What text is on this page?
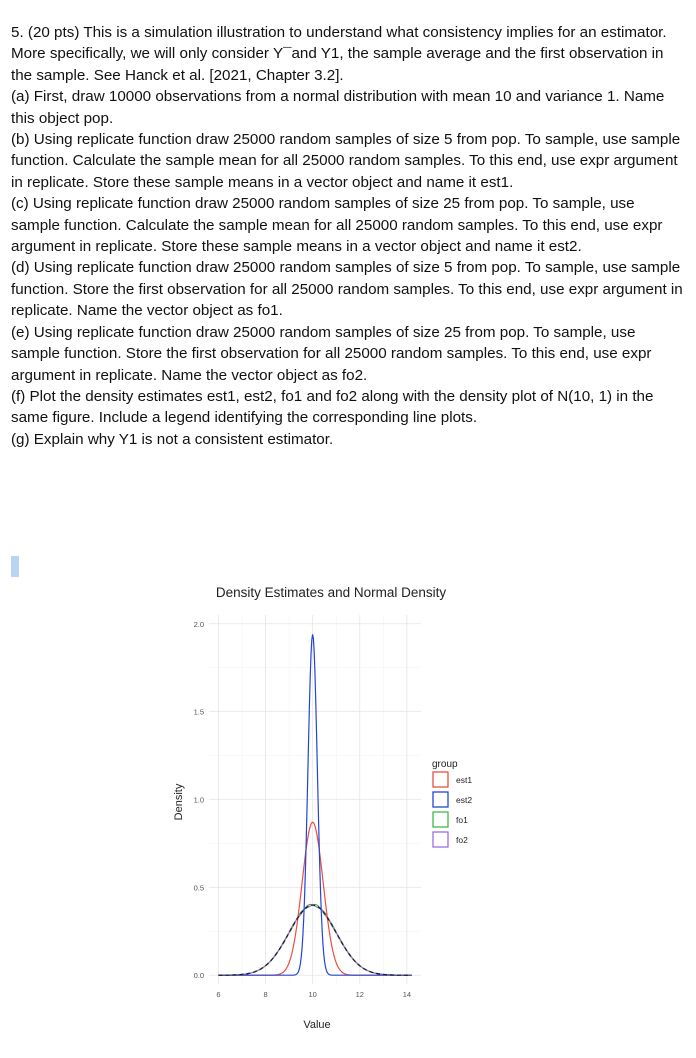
5. (20 pts) This is a simulation illustration to understand what consistency implies for an estimator. More specifically, we will only consider Y¯and Y1, the sample average and the first observation in the sample. See Hanck et al. [2021, Chapter 3.2].

(a) First, draw 10000 observations from a normal distribution with mean 10 and variance 1. Name this object pop.

(b) Using replicate function draw 25000 random samples of size 5 from pop. To sample, use sample function. Calculate the sample mean for all 25000 random samples. To this end, use expr argument in replicate. Store these sample means in a vector object and name it est1.

(c) Using replicate function draw 25000 random samples of size 25 from pop. To sample, use sample function. Calculate the sample mean for all 25000 random samples. To this end, use expr argument in replicate. Store these sample means in a vector object and name it est2.

(d) Using replicate function draw 25000 random samples of size 5 from pop. To sample, use sample function. Store the first observation for all 25000 random samples. To this end, use expr argument in replicate. Name the vector object as fo1.

(e) Using replicate function draw 25000 random samples of size 25 from pop. To sample, use sample function. Store the first observation for all 25000 random samples. To this end, use expr argument in replicate. Name the vector object as fo2.

(f) Plot the density estimates est1, est2, fo1 and fo2 along with the density plot of N(10, 1) in the same figure. Include a legend identifying the corresponding line plots.

(g) Explain why Y1 is not a consistent estimator.

Density Estimates and Normal Density
0.0
0.5
1.0
1.5
2.0
6	8	10	12	14
Value
Density
group
est1
est2
fo1
fo2
